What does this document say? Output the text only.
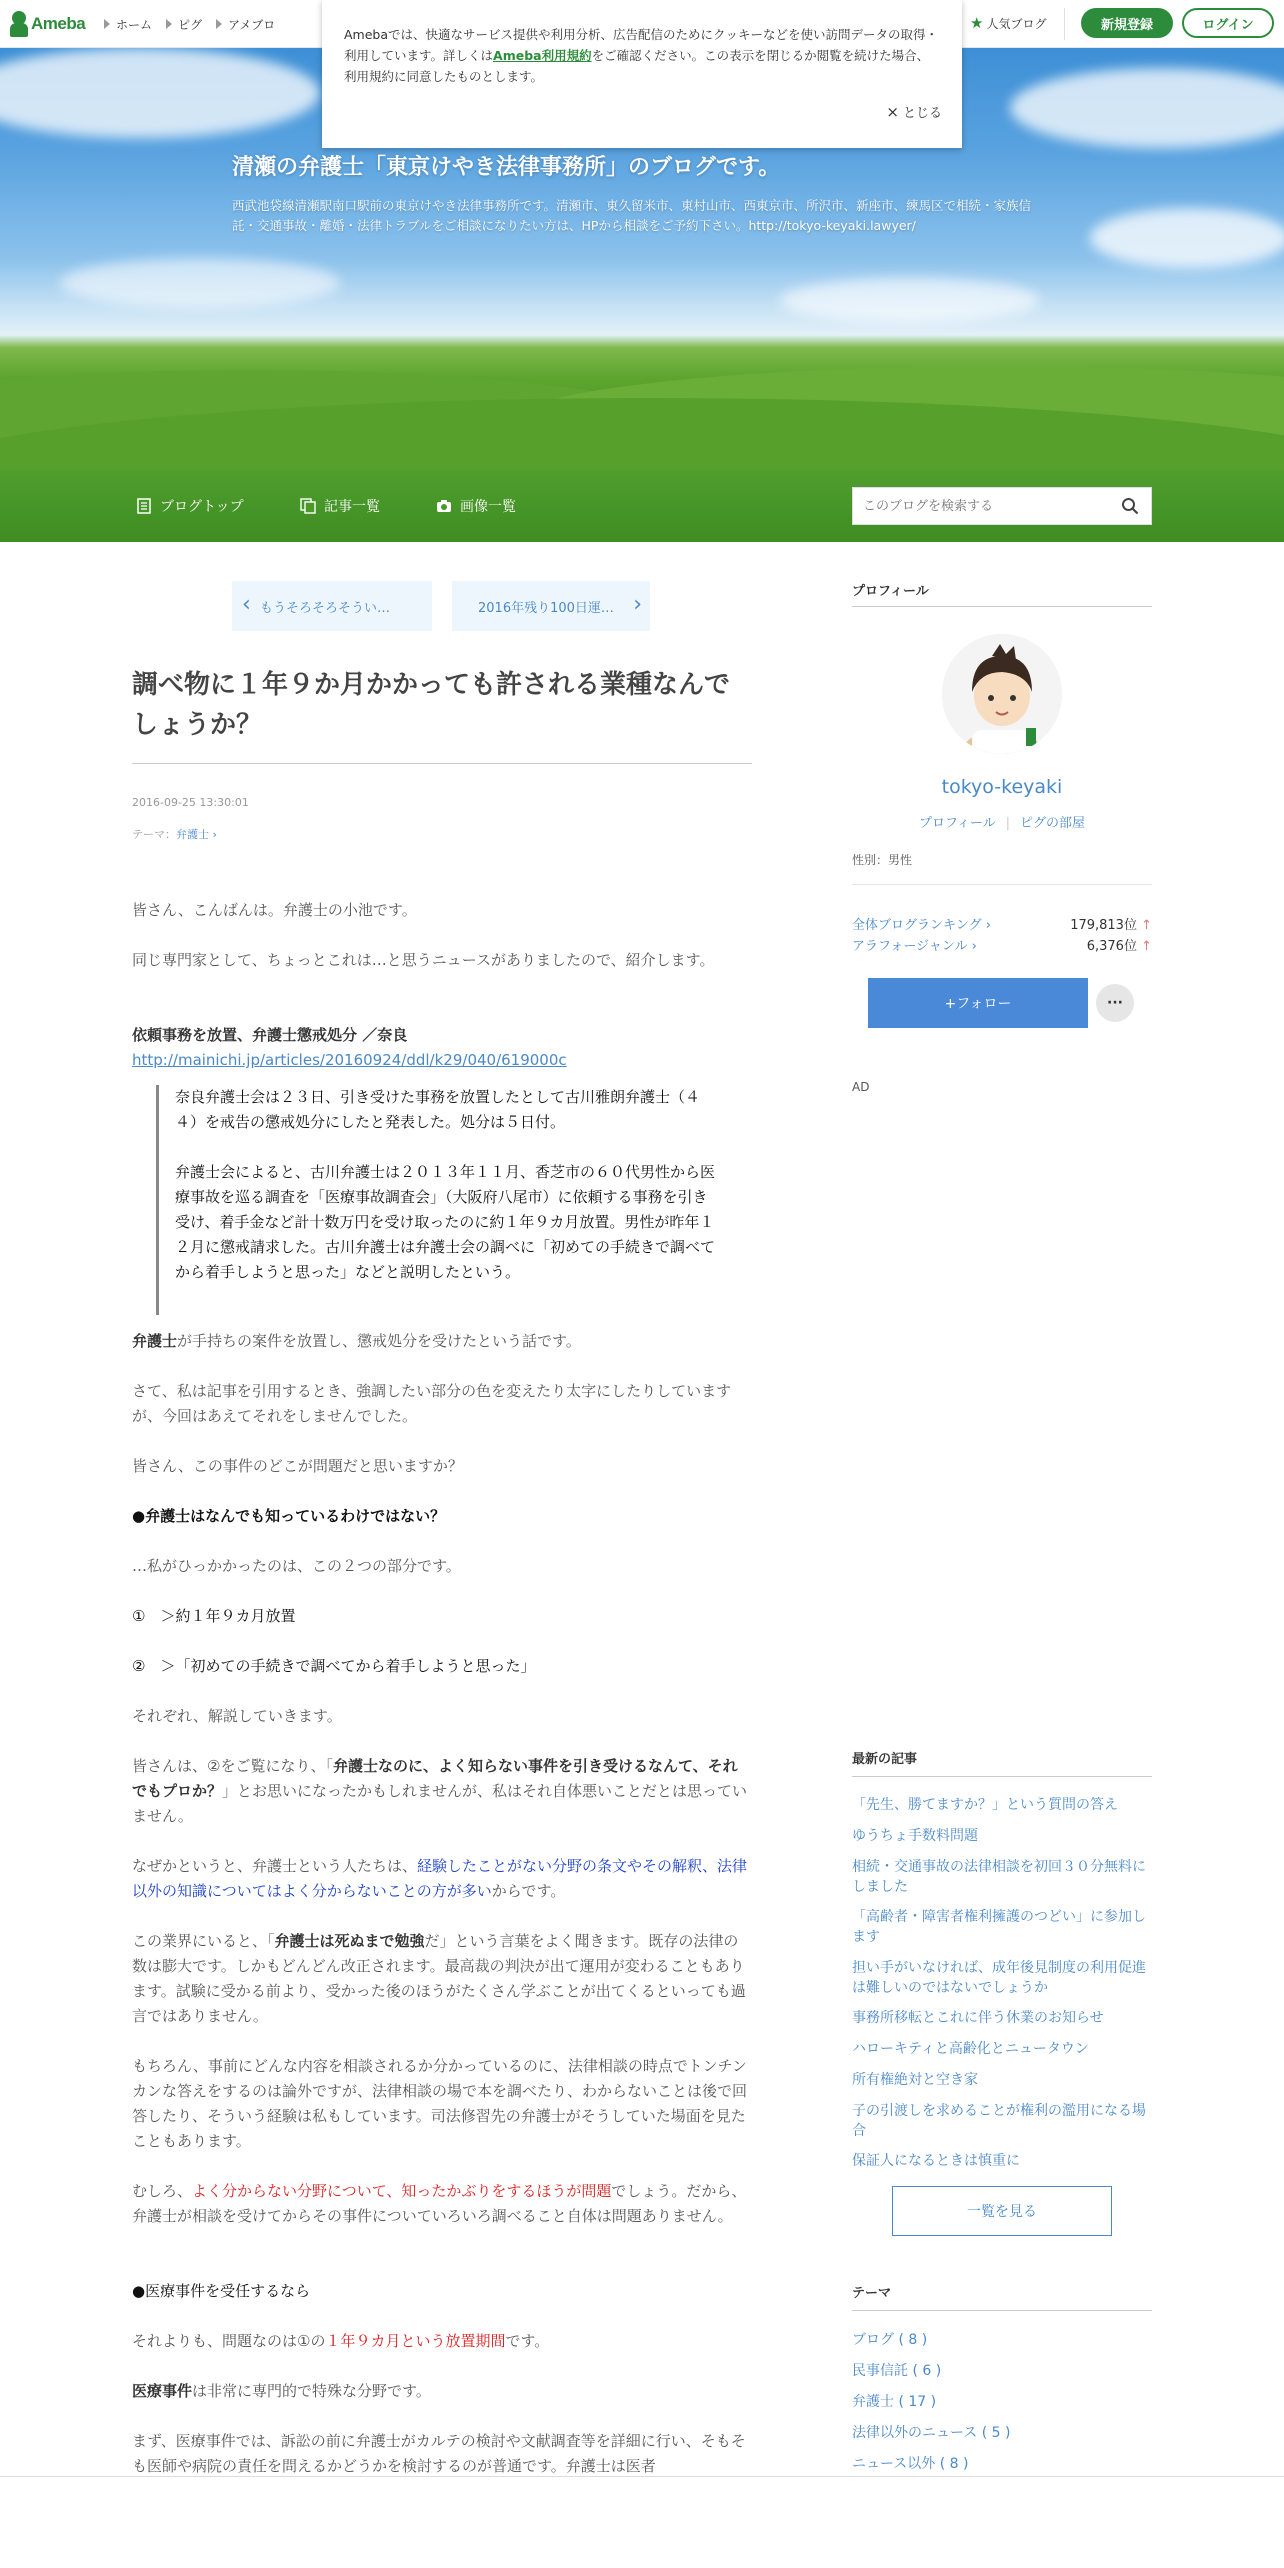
Ameba	ホーム	ピグ	アメブロ	★ 人気ブログ	新規登録	ログイン

Amebaでは、快適なサービス提供や利用分析、広告配信のためにクッキーなどを使い訪問データの取得・利用しています。詳しくはAmeba利用規約をご確認ください。この表示を閉じるか閲覧を続けた場合、利用規約に同意したものとします。

× とじる
清瀬の弁護士「東京けやき法律事務所」のブログです。
西武池袋線清瀬駅南口駅前の東京けやき法律事務所です。清瀬市、東久留米市、東村山市、西東京市、所沢市、新座市、練馬区で相続・家族信託・交通事故・離婚・法律トラブルをご相談になりたい方は、HPから相談をご予約下さい。http://tokyo-keyaki.lawyer/
ブログトップ	記事一覧	画像一覧
このブログを検索する
‹ もうそろそろそうい…	2016年残り100日運… ›
調べ物に１年９か月かかっても許される業種なんでしょうか？
2016-09-25 13:30:01
テーマ：弁護士 ›

皆さん、こんばんは。弁護士の小池です。

同じ専門家として、ちょっとこれは…と思うニュースがありましたので、紹介します。

依頼事務を放置、弁護士懲戒処分 ／奈良

http://mainichi.jp/articles/20160924/ddl/k29/040/619000c

奈良弁護士会は２３日、引き受けた事務を放置したとして古川雅朗弁護士（４４）を戒告の懲戒処分にしたと発表した。処分は５日付。

弁護士会によると、古川弁護士は２０１３年１１月、香芝市の６０代男性から医療事故を巡る調査を「医療事故調査会」（大阪府八尾市）に依頼する事務を引き受け、着手金など計十数万円を受け取ったのに約１年９カ月放置。男性が昨年１２月に懲戒請求した。古川弁護士は弁護士会の調べに「初めての手続きで調べてから着手しようと思った」などと説明したという。

弁護士が手持ちの案件を放置し、懲戒処分を受けたという話です。

さて、私は記事を引用するとき、強調したい部分の色を変えたり太字にしたりしていますが、今回はあえてそれをしませんでした。

皆さん、この事件のどこが問題だと思いますか？

●弁護士はなんでも知っているわけではない？

…私がひっかかったのは、この２つの部分です。

①　＞約１年９カ月放置

②　＞「初めての手続きで調べてから着手しようと思った」

それぞれ、解説していきます。

皆さんは、②をご覧になり、「弁護士なのに、よく知らない事件を引き受けるなんて、それでもプロか？」とお思いになったかもしれませんが、私はそれ自体悪いことだとは思っていません。

なぜかというと、弁護士という人たちは、経験したことがない分野の条文やその解釈、法律以外の知識についてはよく分からないことの方が多いからです。

この業界にいると、「弁護士は死ぬまで勉強だ」という言葉をよく聞きます。既存の法律の数は膨大です。しかもどんどん改正されます。最高裁の判決が出て運用が変わることもあります。試験に受かる前より、受かった後のほうがたくさん学ぶことが出てくるといっても過言ではありません。

もちろん、事前にどんな内容を相談されるか分かっているのに、法律相談の時点でトンチンカンな答えをするのは論外ですが、法律相談の場で本を調べたり、わからないことは後で回答したり、そういう経験は私もしています。司法修習先の弁護士がそうしていた場面を見たこともあります。

むしろ、よく分からない分野について、知ったかぶりをするほうが問題でしょう。だから、弁護士が相談を受けてからその事件についていろいろ調べること自体は問題ありません。

●医療事件を受任するなら

それよりも、問題なのは①の１年９カ月という放置期間です。

医療事件は非常に専門的で特殊な分野です。

まず、医療事件では、訴訟の前に弁護士がカルテの検討や文献調査等を詳細に行い、そもそも医師や病院の責任を問えるかどうかを検討するのが普通です。弁護士は医者

プロフィール
tokyo-keyaki
プロフィール | ピグの部屋
性別：男性
全体ブログランキング ›	179,813位 ↑
アラフォージャンル ›	6,376位 ↑
+フォロー	···
AD
最新の記事
「先生、勝てますか？」という質問の答え
ゆうちょ手数料問題
相続・交通事故の法律相談を初回３０分無料にしました
「高齢者・障害者権利擁護のつどい」に参加します
担い手がいなければ、成年後見制度の利用促進は難しいのではないでしょうか
事務所移転とこれに伴う休業のお知らせ
ハローキティと高齢化とニュータウン
所有権絶対と空き家
子の引渡しを求めることが権利の濫用になる場合
保証人になるときは慎重に
一覧を見る
テーマ
ブログ ( 8 )
民事信託 ( 6 )
弁護士 ( 17 )
法律以外のニュース ( 5 )
ニュース以外 ( 8 )
